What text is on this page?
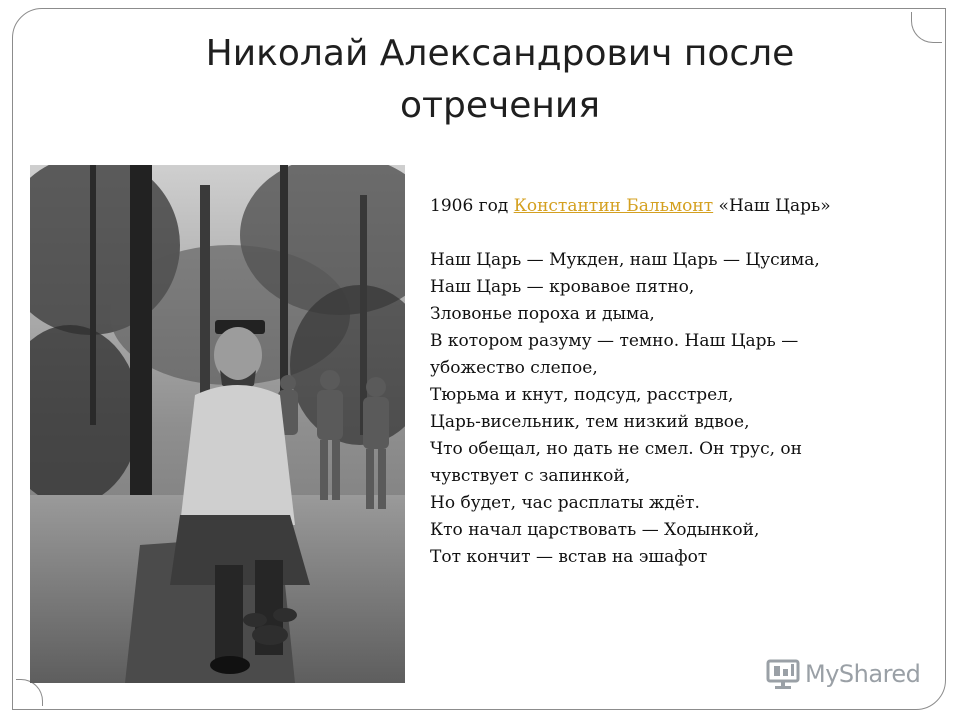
Николай Александрович после отречения

1906 год Константин Бальмонт «Наш Царь»

Наш Царь — Мукден, наш Царь — Цусима,

Наш Царь — кровавое пятно,

Зловонье пороха и дыма,

В котором разуму — темно. Наш Царь —

убожество слепое,

Тюрьма и кнут, подсуд, расстрел,

Царь-висельник, тем низкий вдвое,

Что обещал, но дать не смел. Он трус, он

чувствует с запинкой,

Но будет, час расплаты ждёт.

Кто начал царствовать — Ходынкой,

Тот кончит — встав на эшафот

MyShared
